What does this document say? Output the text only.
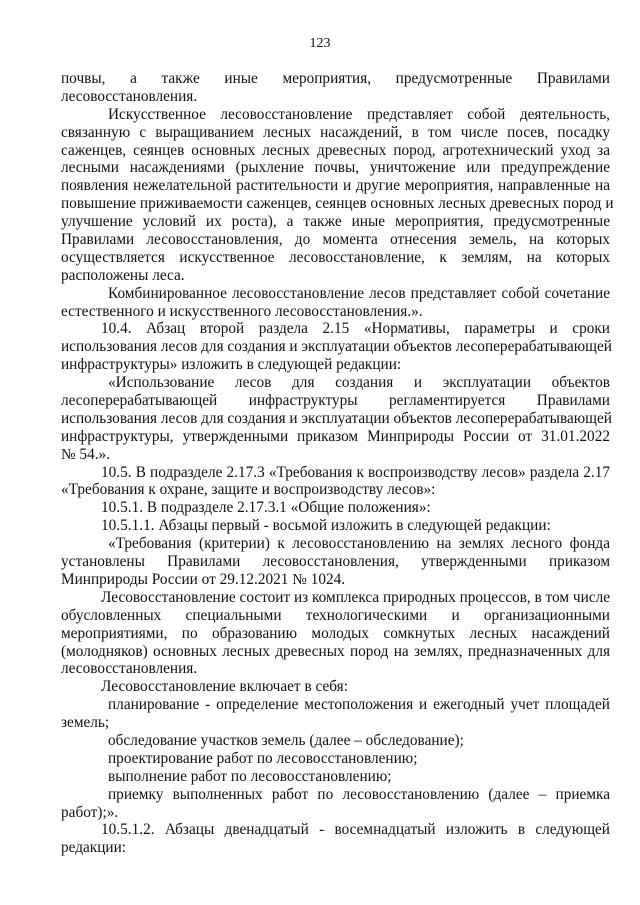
123
почвы, а также иные мероприятия, предусмотренные Правилами
лесовосстановления.
Искусственное лесовосстановление представляет собой деятельность,
связанную с выращиванием лесных насаждений, в том числе посев, посадку
саженцев, сеянцев основных лесных древесных пород, агротехнический уход за
лесными насаждениями (рыхление почвы, уничтожение или предупреждение
появления нежелательной растительности и другие мероприятия, направленные на
повышение приживаемости саженцев, сеянцев основных лесных древесных пород и
улучшение условий их роста), а также иные мероприятия, предусмотренные
Правилами лесовосстановления, до момента отнесения земель, на которых
осуществляется искусственное лесовосстановление, к землям, на которых
расположены леса.
Комбинированное лесовосстановление лесов представляет собой сочетание
естественного и искусственного лесовосстановления.».
10.4. Абзац второй раздела 2.15 «Нормативы, параметры и сроки
использования лесов для создания и эксплуатации объектов лесоперерабатывающей
инфраструктуры» изложить в следующей редакции:
«Использование лесов для создания и эксплуатации объектов
лесоперерабатывающей инфраструктуры регламентируется Правилами
использования лесов для создания и эксплуатации объектов лесоперерабатывающей
инфраструктуры, утвержденными приказом Минприроды России от 31.01.2022
№ 54.».
10.5. В подразделе 2.17.3 «Требования к воспроизводству лесов» раздела 2.17
«Требования к охране, защите и воспроизводству лесов»:
10.5.1. В подразделе 2.17.3.1 «Общие положения»:
10.5.1.1. Абзацы первый - восьмой изложить в следующей редакции:
«Требования (критерии) к лесовосстановлению на землях лесного фонда
установлены Правилами лесовосстановления, утвержденными приказом
Минприроды России от 29.12.2021 № 1024.
Лесовосстановление состоит из комплекса природных процессов, в том числе
обусловленных специальными технологическими и организационными
мероприятиями, по образованию молодых сомкнутых лесных насаждений
(молодняков) основных лесных древесных пород на землях, предназначенных для
лесовосстановления.
Лесовосстановление включает в себя:
планирование - определение местоположения и ежегодный учет площадей
земель;
обследование участков земель (далее – обследование);
проектирование работ по лесовосстановлению;
выполнение работ по лесовосстановлению;
приемку выполненных работ по лесовосстановлению (далее – приемка
работ);».
10.5.1.2. Абзацы двенадцатый - восемнадцатый изложить в следующей
редакции:
